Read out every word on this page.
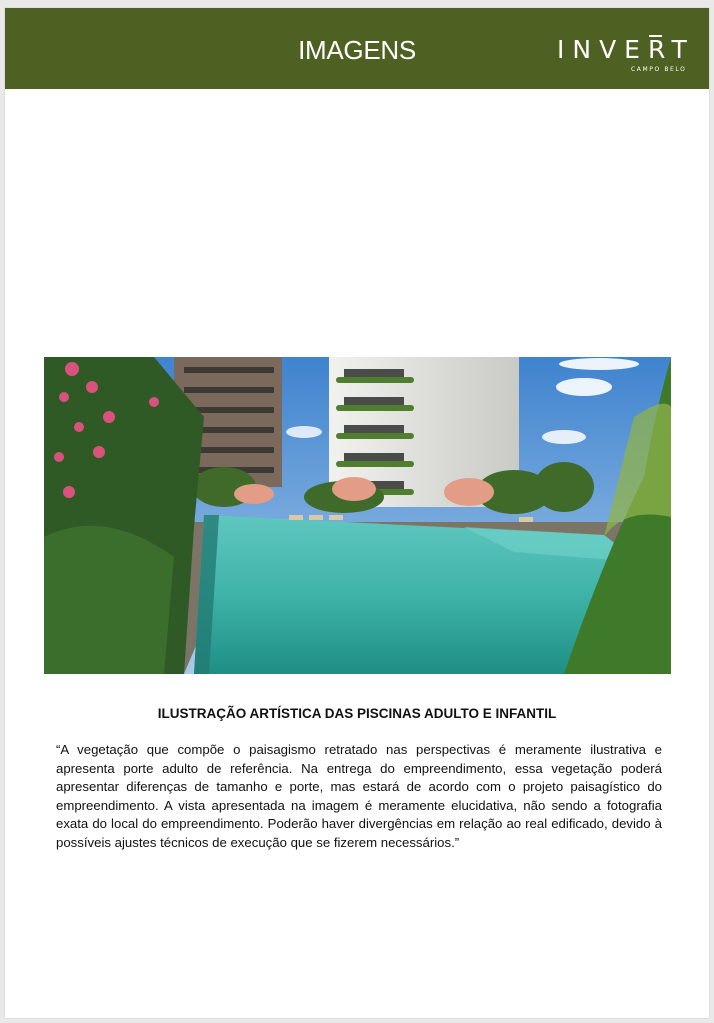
IMAGENS	INVERT
CAMPO BELO
ILUSTRAÇÃO ARTÍSTICA DAS PISCINAS ADULTO E INFANTIL
“A vegetação que compõe o paisagismo retratado nas perspectivas é meramente ilustrativa e apresenta porte adulto de referência. Na entrega do empreendimento, essa vegetação poderá apresentar diferenças de tamanho e porte, mas estará de acordo com o projeto paisagístico do empreendimento. A vista apresentada na imagem é meramente elucidativa, não sendo a fotografia exata do local do empreendimento. Poderão haver divergências em relação ao real edificado, devido à possíveis ajustes técnicos de execução que se fizerem necessários.”
